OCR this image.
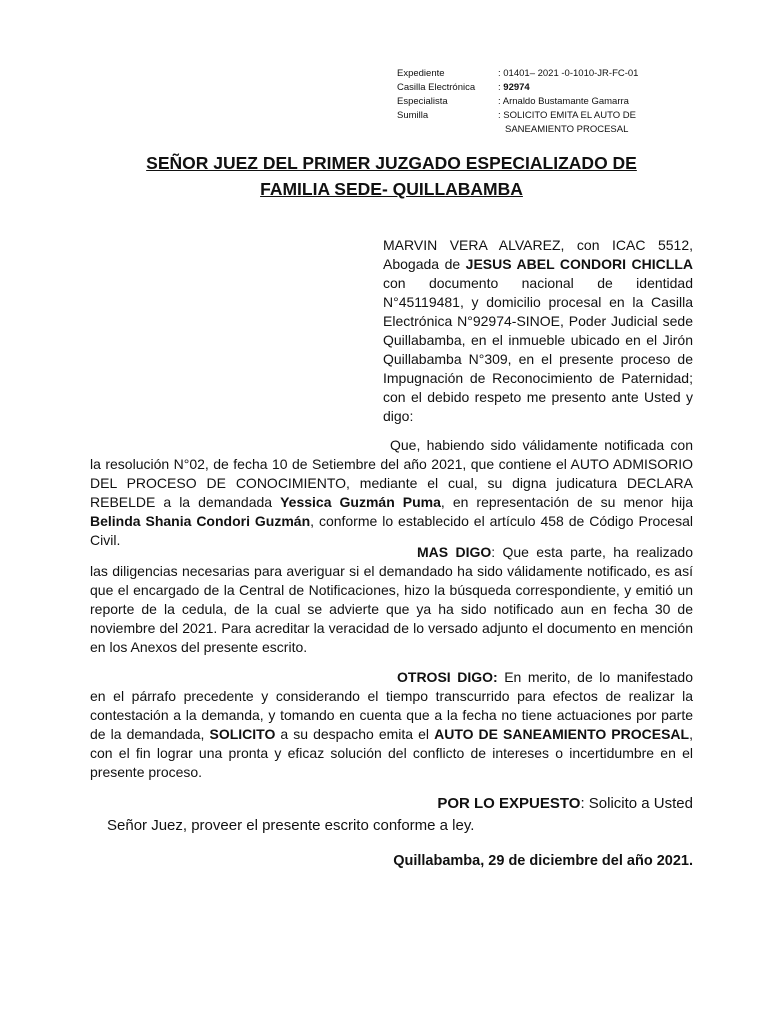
Expediente	: 01401– 2021 -0-1010-JR-FC-01
Casilla Electrónica	: 92974
Especialista	: Arnaldo Bustamante Gamarra
Sumilla	: SOLICITO EMITA EL AUTO DE
SANEAMIENTO PROCESAL
SEÑOR JUEZ DEL PRIMER JUZGADO ESPECIALIZADO DE
FAMILIA SEDE- QUILLABAMBA
MARVIN VERA ALVAREZ, con ICAC 5512, Abogada de JESUS ABEL CONDORI CHICLLA con documento nacional de identidad N°45119481, y domicilio procesal en la Casilla Electrónica N°92974-SINOE, Poder Judicial sede Quillabamba, en el inmueble ubicado en el Jirón Quillabamba N°309, en el presente proceso de Impugnación de Reconocimiento de Paternidad; con el debido respeto me presento ante Usted y digo:
Que, habiendo sido válidamente notificada con la resolución N°02, de fecha 10 de Setiembre del año 2021, que contiene el AUTO ADMISORIO DEL PROCESO DE CONOCIMIENTO, mediante el cual, su digna judicatura DECLARA REBELDE a la demandada Yessica Guzmán Puma, en representación de su menor hija Belinda Shania Condori Guzmán, conforme lo establecido el artículo 458 de Código Procesal Civil.
MAS DIGO: Que esta parte, ha realizado las diligencias necesarias para averiguar si el demandado ha sido válidamente notificado, es así que el encargado de la Central de Notificaciones, hizo la búsqueda correspondiente, y emitió un reporte de la cedula, de la cual se advierte que ya ha sido notificado aun en fecha 30 de noviembre del 2021. Para acreditar la veracidad de lo versado adjunto el documento en mención en los Anexos del presente escrito.
OTROSI DIGO: En merito, de lo manifestado en el párrafo precedente y considerando el tiempo transcurrido para efectos de realizar la contestación a la demanda, y tomando en cuenta que a la fecha no tiene actuaciones por parte de la demandada, SOLICITO a su despacho emita el AUTO DE SANEAMIENTO PROCESAL, con el fin lograr una pronta y eficaz solución del conflicto de intereses o incertidumbre en el presente proceso.
POR LO EXPUESTO: Solicito a Usted
Señor Juez, proveer el presente escrito conforme a ley.
Quillabamba, 29 de diciembre del año 2021.
